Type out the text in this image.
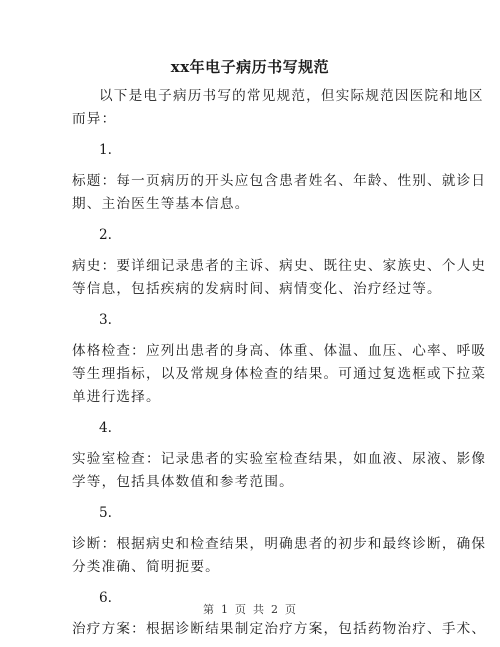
xx年电子病历书写规范
以下是电子病历书写的常见规范，但实际规范因医院和地区
而异：
1.
标题：每一页病历的开头应包含患者姓名、年龄、性别、就诊日
期、主治医生等基本信息。
2.
病史：要详细记录患者的主诉、病史、既往史、家族史、个人史
等信息，包括疾病的发病时间、病情变化、治疗经过等。
3.
体格检查：应列出患者的身高、体重、体温、血压、心率、呼吸
等生理指标，以及常规身体检查的结果。可通过复选框或下拉菜
单进行选择。
4.
实验室检查：记录患者的实验室检查结果，如血液、尿液、影像
学等，包括具体数值和参考范围。
5.
诊断：根据病史和检查结果，明确患者的初步和最终诊断，确保
分类准确、简明扼要。
6.
治疗方案：根据诊断结果制定治疗方案，包括药物治疗、手术、
第 1 页 共 2 页
